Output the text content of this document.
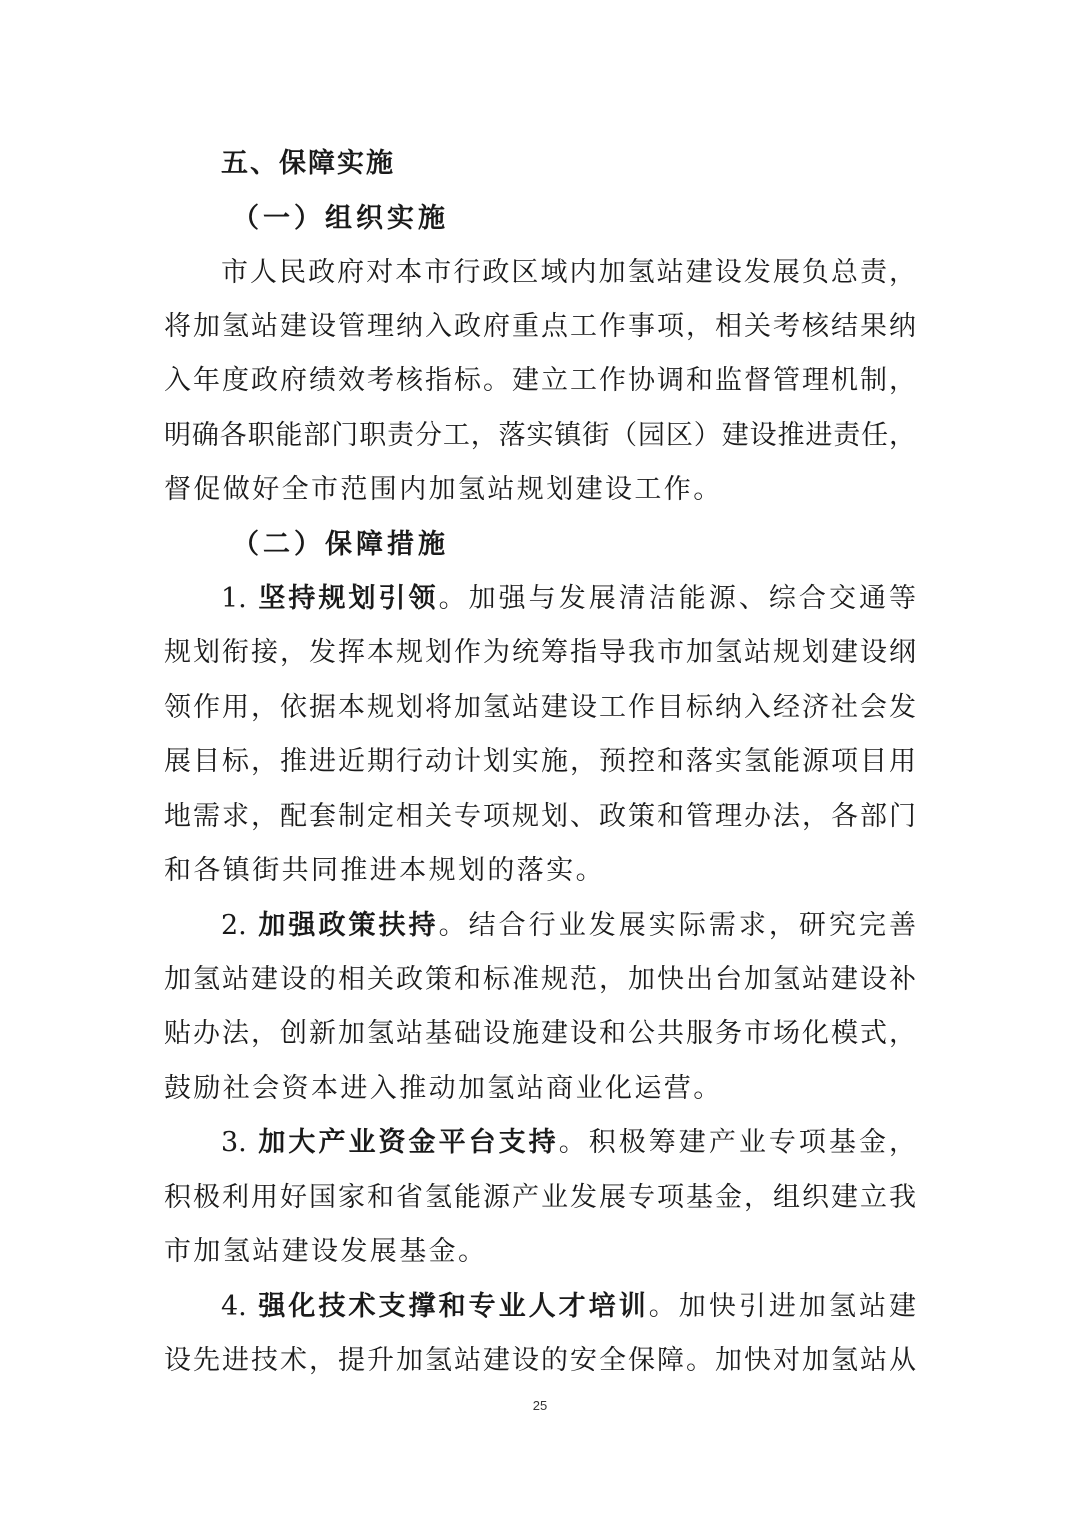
五、保障实施
（一）组织实施
市人民政府对本市行政区域内加氢站建设发展负总责，
将加氢站建设管理纳入政府重点工作事项，相关考核结果纳
入年度政府绩效考核指标。建立工作协调和监督管理机制，
明确各职能部门职责分工，落实镇街（园区）建设推进责任，
督促做好全市范围内加氢站规划建设工作。
（二）保障措施
1. 坚持规划引领。加强与发展清洁能源、综合交通等
规划衔接，发挥本规划作为统筹指导我市加氢站规划建设纲
领作用，依据本规划将加氢站建设工作目标纳入经济社会发
展目标，推进近期行动计划实施，预控和落实氢能源项目用
地需求，配套制定相关专项规划、政策和管理办法，各部门
和各镇街共同推进本规划的落实。
2. 加强政策扶持。结合行业发展实际需求，研究完善
加氢站建设的相关政策和标准规范，加快出台加氢站建设补
贴办法，创新加氢站基础设施建设和公共服务市场化模式，
鼓励社会资本进入推动加氢站商业化运营。
3. 加大产业资金平台支持。积极筹建产业专项基金，
积极利用好国家和省氢能源产业发展专项基金，组织建立我
市加氢站建设发展基金。
4. 强化技术支撑和专业人才培训。加快引进加氢站建
设先进技术，提升加氢站建设的安全保障。加快对加氢站从
25
